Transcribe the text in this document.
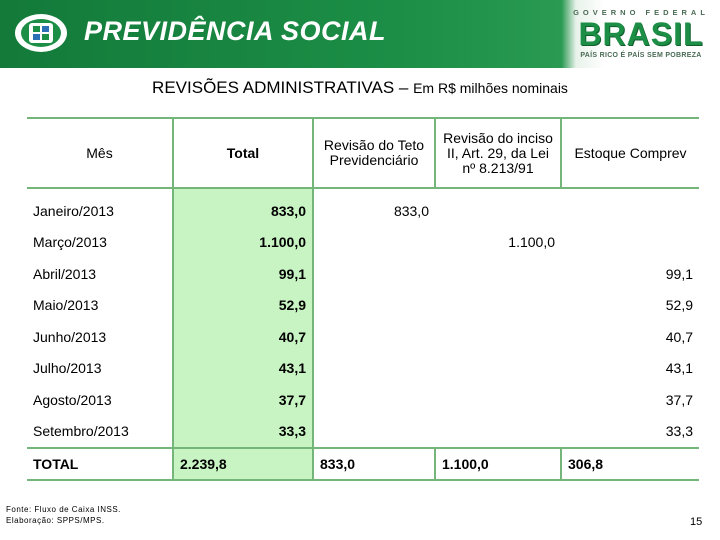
PREVIDÊNCIA SOCIAL
GOVERNO FEDERAL
BRASIL
PAÍS RICO É PAÍS SEM POBREZA
REVISÕES ADMINISTRATIVAS – Em R$ milhões nominais
Mês	Total	Revisão do Teto Previdenciário	Revisão do inciso II, Art. 29, da Lei nº 8.213/91	Estoque Comprev
Janeiro/2013	833,0	833,0		
Março/2013	1.100,0		1.100,0	
Abril/2013	99,1			99,1
Maio/2013	52,9			52,9
Junho/2013	40,7			40,7
Julho/2013	43,1			43,1
Agosto/2013	37,7			37,7
Setembro/2013	33,3			33,3
TOTAL	2.239,8	833,0	1.100,0	306,8
Fonte: Fluxo de Caixa INSS.
Elaboração: SPPS/MPS.	15
